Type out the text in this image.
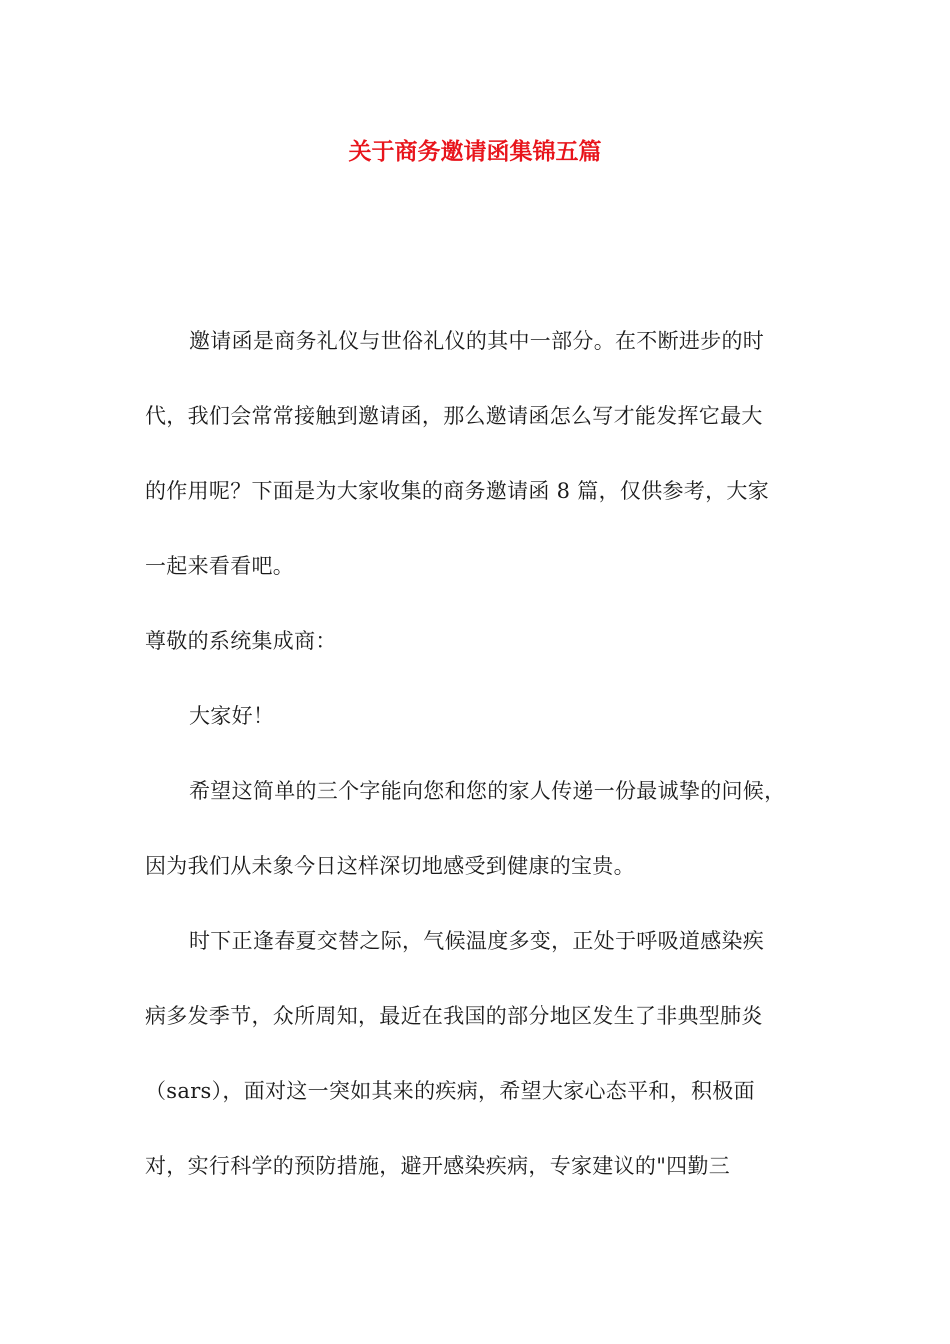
关于商务邀请函集锦五篇
邀请函是商务礼仪与世俗礼仪的其中一部分。在不断进步的时
代，我们会常常接触到邀请函，那么邀请函怎么写才能发挥它最大
的作用呢？下面是为大家收集的商务邀请函 8 篇，仅供参考，大家
一起来看看吧。
尊敬的系统集成商：
大家好！
希望这简单的三个字能向您和您的家人传递一份最诚挚的问候，
因为我们从未象今日这样深切地感受到健康的宝贵。
时下正逢春夏交替之际，气候温度多变，正处于呼吸道感染疾
病多发季节，众所周知，最近在我国的部分地区发生了非典型肺炎
（sars），面对这一突如其来的疾病，希望大家心态平和，积极面
对，实行科学的预防措施，避开感染疾病，专家建议的"四勤三
